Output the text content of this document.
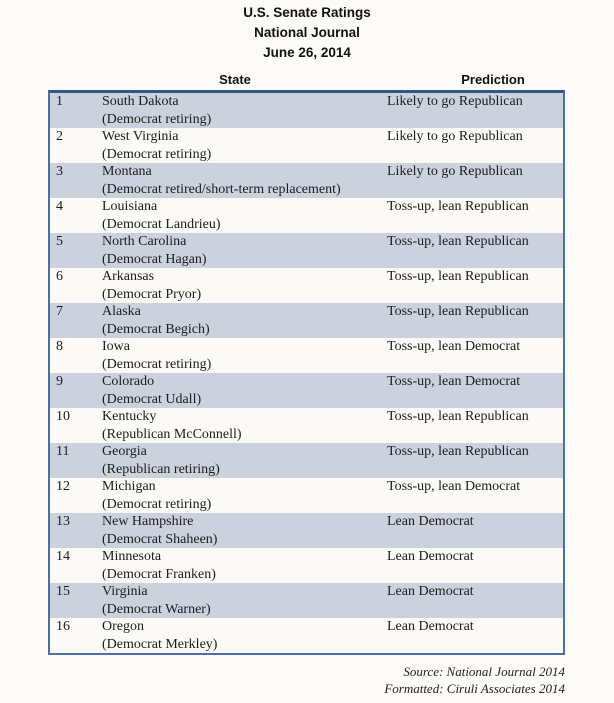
U.S. Senate Ratings
National Journal
June 26, 2014
State	Prediction
1	South Dakota
(Democrat retiring)
Likely to go Republican
2	West Virginia
(Democrat retiring)
Likely to go Republican
3	Montana
(Democrat retired/short-term replacement)
Likely to go Republican
4	Louisiana
(Democrat Landrieu)
Toss-up, lean Republican
5	North Carolina
(Democrat Hagan)
Toss-up, lean Republican
6	Arkansas
(Democrat Pryor)
Toss-up, lean Republican
7	Alaska
(Democrat Begich)
Toss-up, lean Republican
8	Iowa
(Democrat retiring)
Toss-up, lean Democrat
9	Colorado
(Democrat Udall)
Toss-up, lean Democrat
10	Kentucky
(Republican McConnell)
Toss-up, lean Republican
11	Georgia
(Republican retiring)
Toss-up, lean Republican
12	Michigan
(Democrat retiring)
Toss-up, lean Democrat
13	New Hampshire
(Democrat Shaheen)
Lean Democrat
14	Minnesota
(Democrat Franken)
Lean Democrat
15	Virginia
(Democrat Warner)
Lean Democrat
16	Oregon
(Democrat Merkley)
Lean Democrat
Source: National Journal 2014
Formatted: Ciruli Associates 2014
